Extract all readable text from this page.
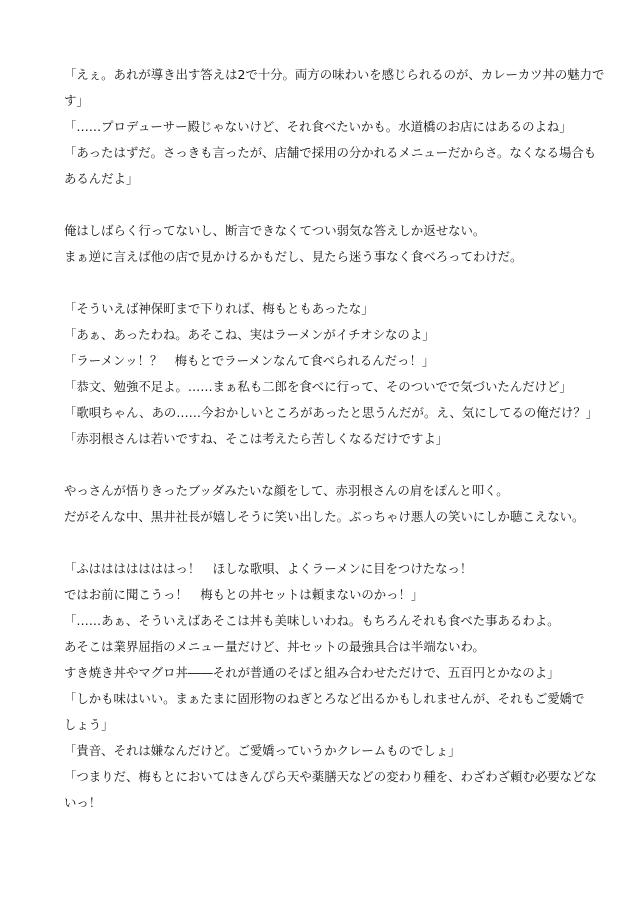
「えぇ。あれが導き出す答えは2で十分。両方の味わいを感じられるのが、カレーカツ丼の魅力で
す」
「……プロデューサー殿じゃないけど、それ食べたいかも。水道橋のお店にはあるのよね」
「あったはずだ。さっきも言ったが、店舗で採用の分かれるメニューだからさ。なくなる場合も
あるんだよ」
俺はしばらく行ってないし、断言できなくてつい弱気な答えしか返せない。
まぁ逆に言えば他の店で見かけるかもだし、見たら迷う事なく食べろってわけだ。
「そういえば神保町まで下りれば、梅もともあったな」
「あぁ、あったわね。あそこね、実はラーメンがイチオシなのよ」
「ラーメンッ！？　梅もとでラーメンなんて食べられるんだっ！」
「恭文、勉強不足よ。……まぁ私も二郎を食べに行って、そのついでで気づいたんだけど」
「歌唄ちゃん、あの……今おかしいところがあったと思うんだが。え、気にしてるの俺だけ？」
「赤羽根さんは若いですね、そこは考えたら苦しくなるだけですよ」
やっさんが悟りきったブッダみたいな顔をして、赤羽根さんの肩をぽんと叩く。
だがそんな中、黒井社長が嬉しそうに笑い出した。ぶっちゃけ悪人の笑いにしか聴こえない。
「ふはははははははっ！　ほしな歌唄、よくラーメンに目をつけたなっ！
ではお前に聞こうっ！　梅もとの丼セットは頼まないのかっ！」
「……あぁ、そういえばあそこは丼も美味しいわね。もちろんそれも食べた事あるわよ。
あそこは業界屈指のメニュー量だけど、丼セットの最強具合は半端ないわ。
すき焼き丼やマグロ丼――それが普通のそばと組み合わせただけで、五百円とかなのよ」
「しかも味はいい。まぁたまに固形物のねぎとろなど出るかもしれませんが、それもご愛嬌で
しょう」
「貴音、それは嫌なんだけど。ご愛嬌っていうかクレームものでしょ」
「つまりだ、梅もとにおいてはきんぴら天や薬膳天などの変わり種を、わざわざ頼む必要などな
いっ！
